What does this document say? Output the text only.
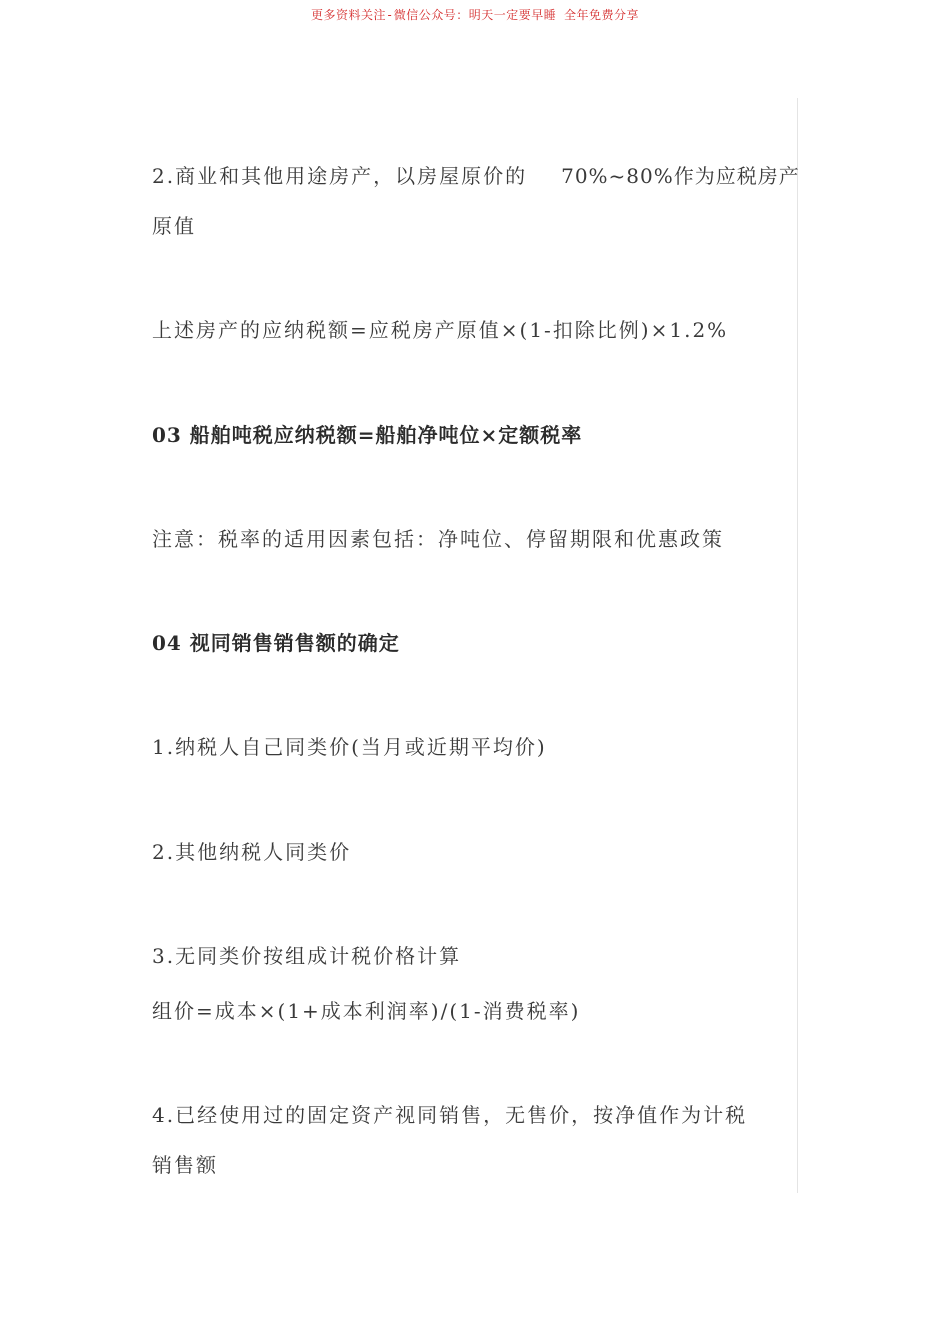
更多资料关注-微信公众号：明天一定要早睡 全年免费分享
2.商业和其他用途房产，以房屋原价的 70%~80%作为应税房产
原值
上述房产的应纳税额=应税房产原值×(1-扣除比例)×1.2%
03 船舶吨税应纳税额=船舶净吨位×定额税率
注意：税率的适用因素包括：净吨位、停留期限和优惠政策
04 视同销售销售额的确定
1.纳税人自己同类价(当月或近期平均价)
2.其他纳税人同类价
3.无同类价按组成计税价格计算
组价=成本×(1+成本利润率)/(1-消费税率)
4.已经使用过的固定资产视同销售，无售价，按净值作为计税
销售额
